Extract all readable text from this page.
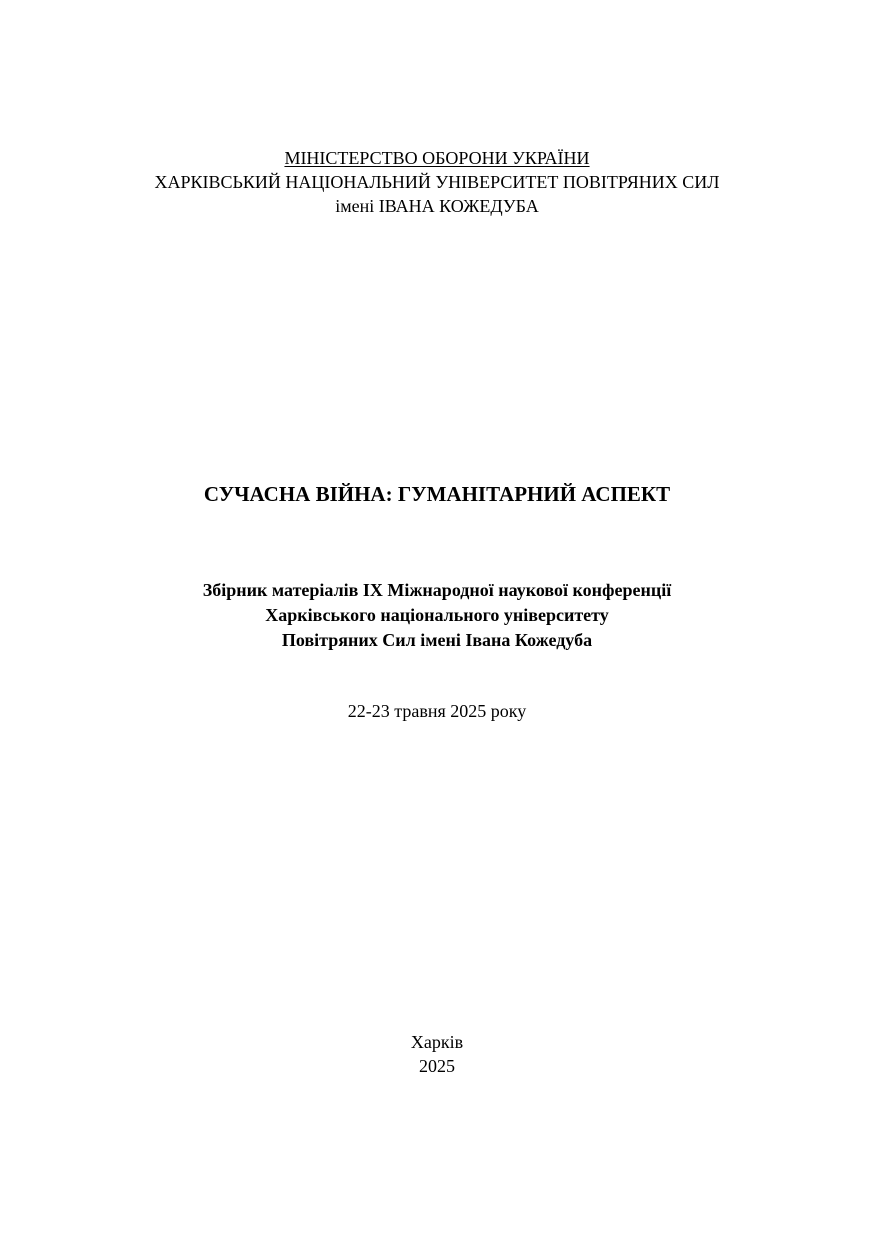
МІНІСТЕРСТВО ОБОРОНИ УКРАЇНИ
ХАРКІВСЬКИЙ НАЦІОНАЛЬНИЙ УНІВЕРСИТЕТ ПОВІТРЯНИХ СИЛ
імені ІВАНА КОЖЕДУБА
СУЧАСНА ВІЙНА: ГУМАНІТАРНИЙ АСПЕКТ
Збірник матеріалів ІХ Міжнародної наукової конференції
Харківського національного університету
Повітряних Сил імені Івана Кожедуба
22-23 травня 2025 року
Харків
2025
